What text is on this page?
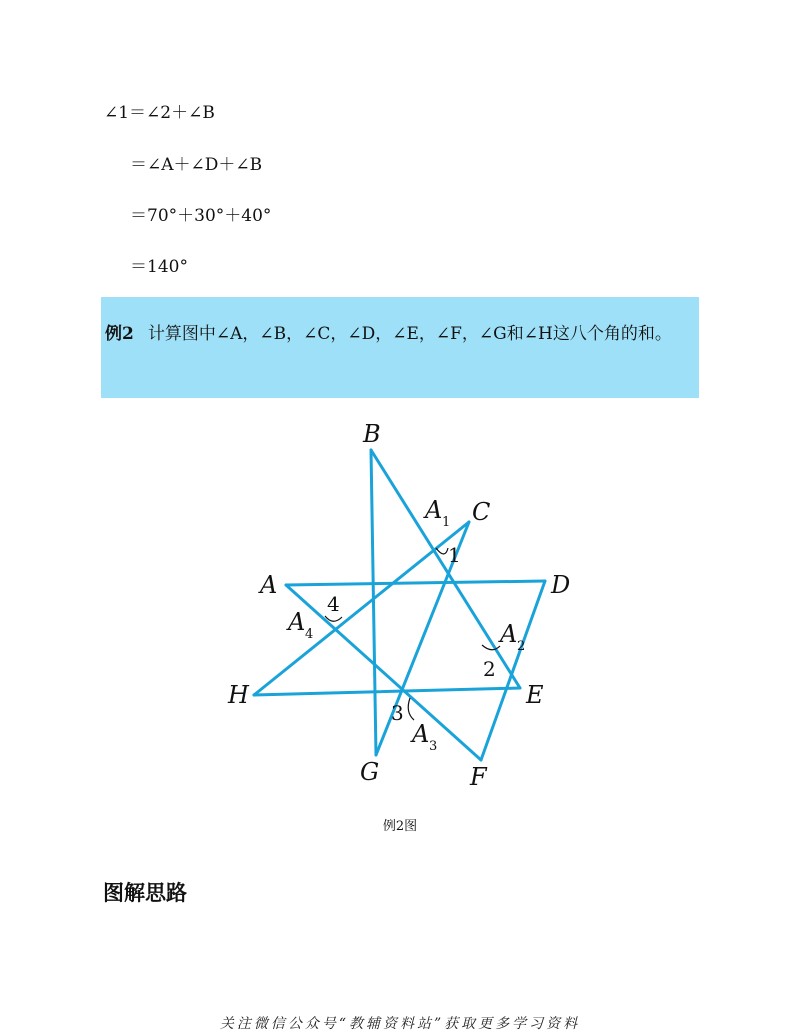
∠1＝∠2＋∠B
＝∠A＋∠D＋∠B
＝70°＋30°＋40°
＝140°
例2 计算图中∠A，∠B，∠C，∠D，∠E，∠F，∠G和∠H这八个角的和。
B
C
A	D
H	E
G	F
A
A
A
A
1
2
3
4
1
4
2
3
例2图
图解思路
关注微信公众号“教辅资料站”获取更多学习资料
